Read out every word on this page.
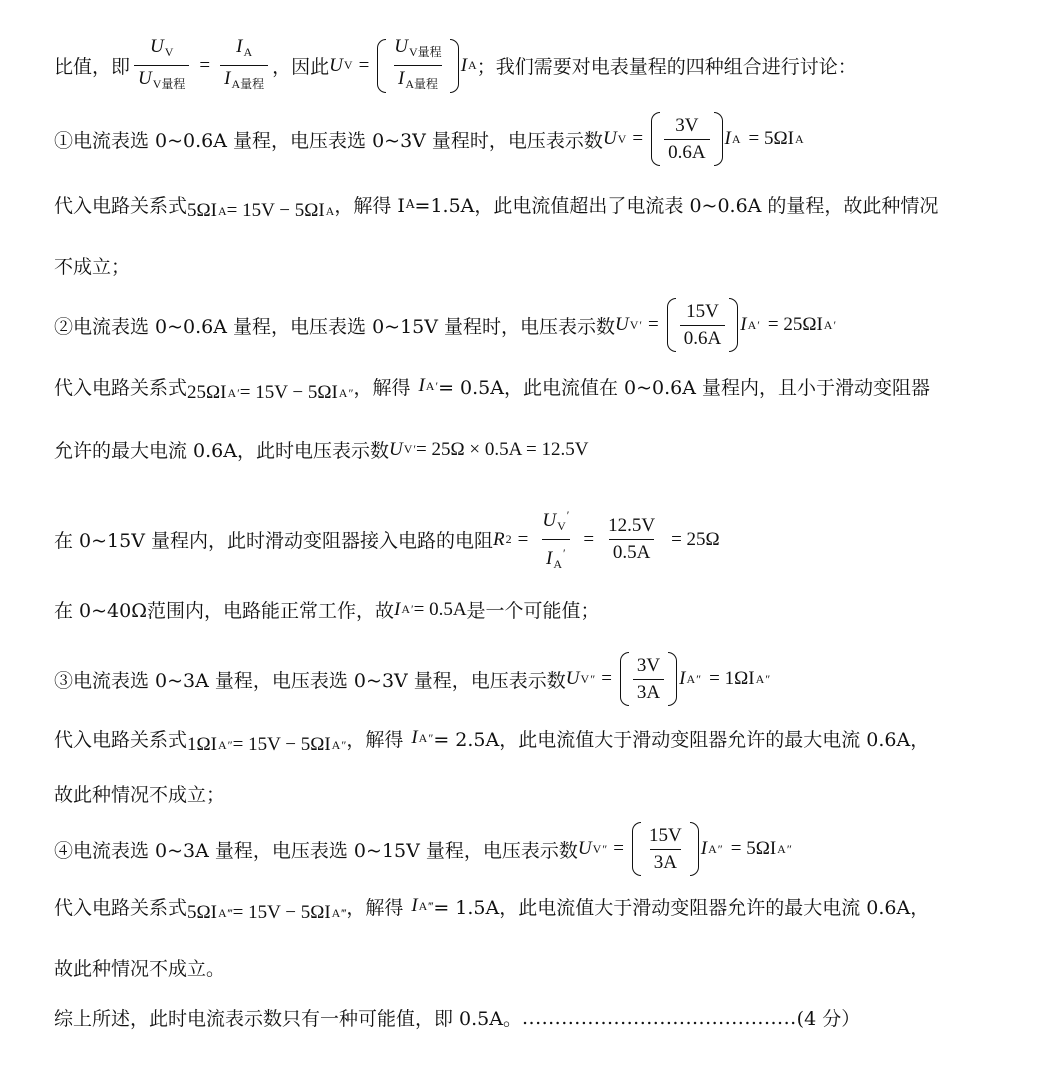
比值，即 $\frac{U_V}{U_{V量程}} = \frac{I_A}{I_{A量程}}$ ，因此 U $V = \frac{U_{V量程}}{I_{A量程}}$ I A ；我们需要对电表量程的四种组合进行讨论：
①电流表选 0~0.6A 量程，电压表选 0~3V 量程时，电压表示数 U $V = \frac{3V}{0.6A}$ I A = 5ΩI A
代入电路关系式 5ΩI A = 15V − 5ΩI A ，解得 I A =1.5A，此电流值超出了电流表 0~0.6A 的量程，故此种情况
不成立；
②电流表选 0~0.6A 量程，电压表选 0~15V 量程时，电压表示数 U V ′ = $\frac{15V}{0.6A}$ I A ′ = 25ΩI A ′
代入电路关系式 25ΩI A ′ = 15V − 5ΩI A ″ ，解得 I A ′ = 0.5A，此电流值在 0~0.6A 量程内，且小于滑动变阻器
允许的最大电流 0.6A，此时电压表示数 U V ′ = 25Ω × 0.5A = 12.5V
在 0~15V 量程内，此时滑动变阻器接入电路的电阻 R $2 = \frac{U_V'}{I_A'} = \frac{12.5V}{0.5A} = 25\Omega$
在 0~40Ω范围内，电路能正常工作，故 I A ′ = 0.5A 是一个可能值；
③电流表选 0~3A 量程，电压表选 0~3V 量程，电压表示数 U V ″ = $\frac{3V}{3A}$ I A ″ = 1ΩI A ″
代入电路关系式 1ΩI A ″ = 15V − 5ΩI A ″ ，解得 I A ″ = 2.5A，此电流值大于滑动变阻器允许的最大电流 0.6A，
故此种情况不成立；
④电流表选 0~3A 量程，电压表选 0~15V 量程，电压表示数 U V ″ = $\frac{15V}{3A}$ I A ″ = 5ΩI A ″
代入电路关系式 5ΩI A ‴ = 15V − 5ΩI A ‴ ，解得 I A ‴ = 1.5A，此电流值大于滑动变阻器允许的最大电流 0.6A，
故此种情况不成立。
综上所述，此时电流表示数只有一种可能值，即 0.5A。 .......................................... (4 分）
